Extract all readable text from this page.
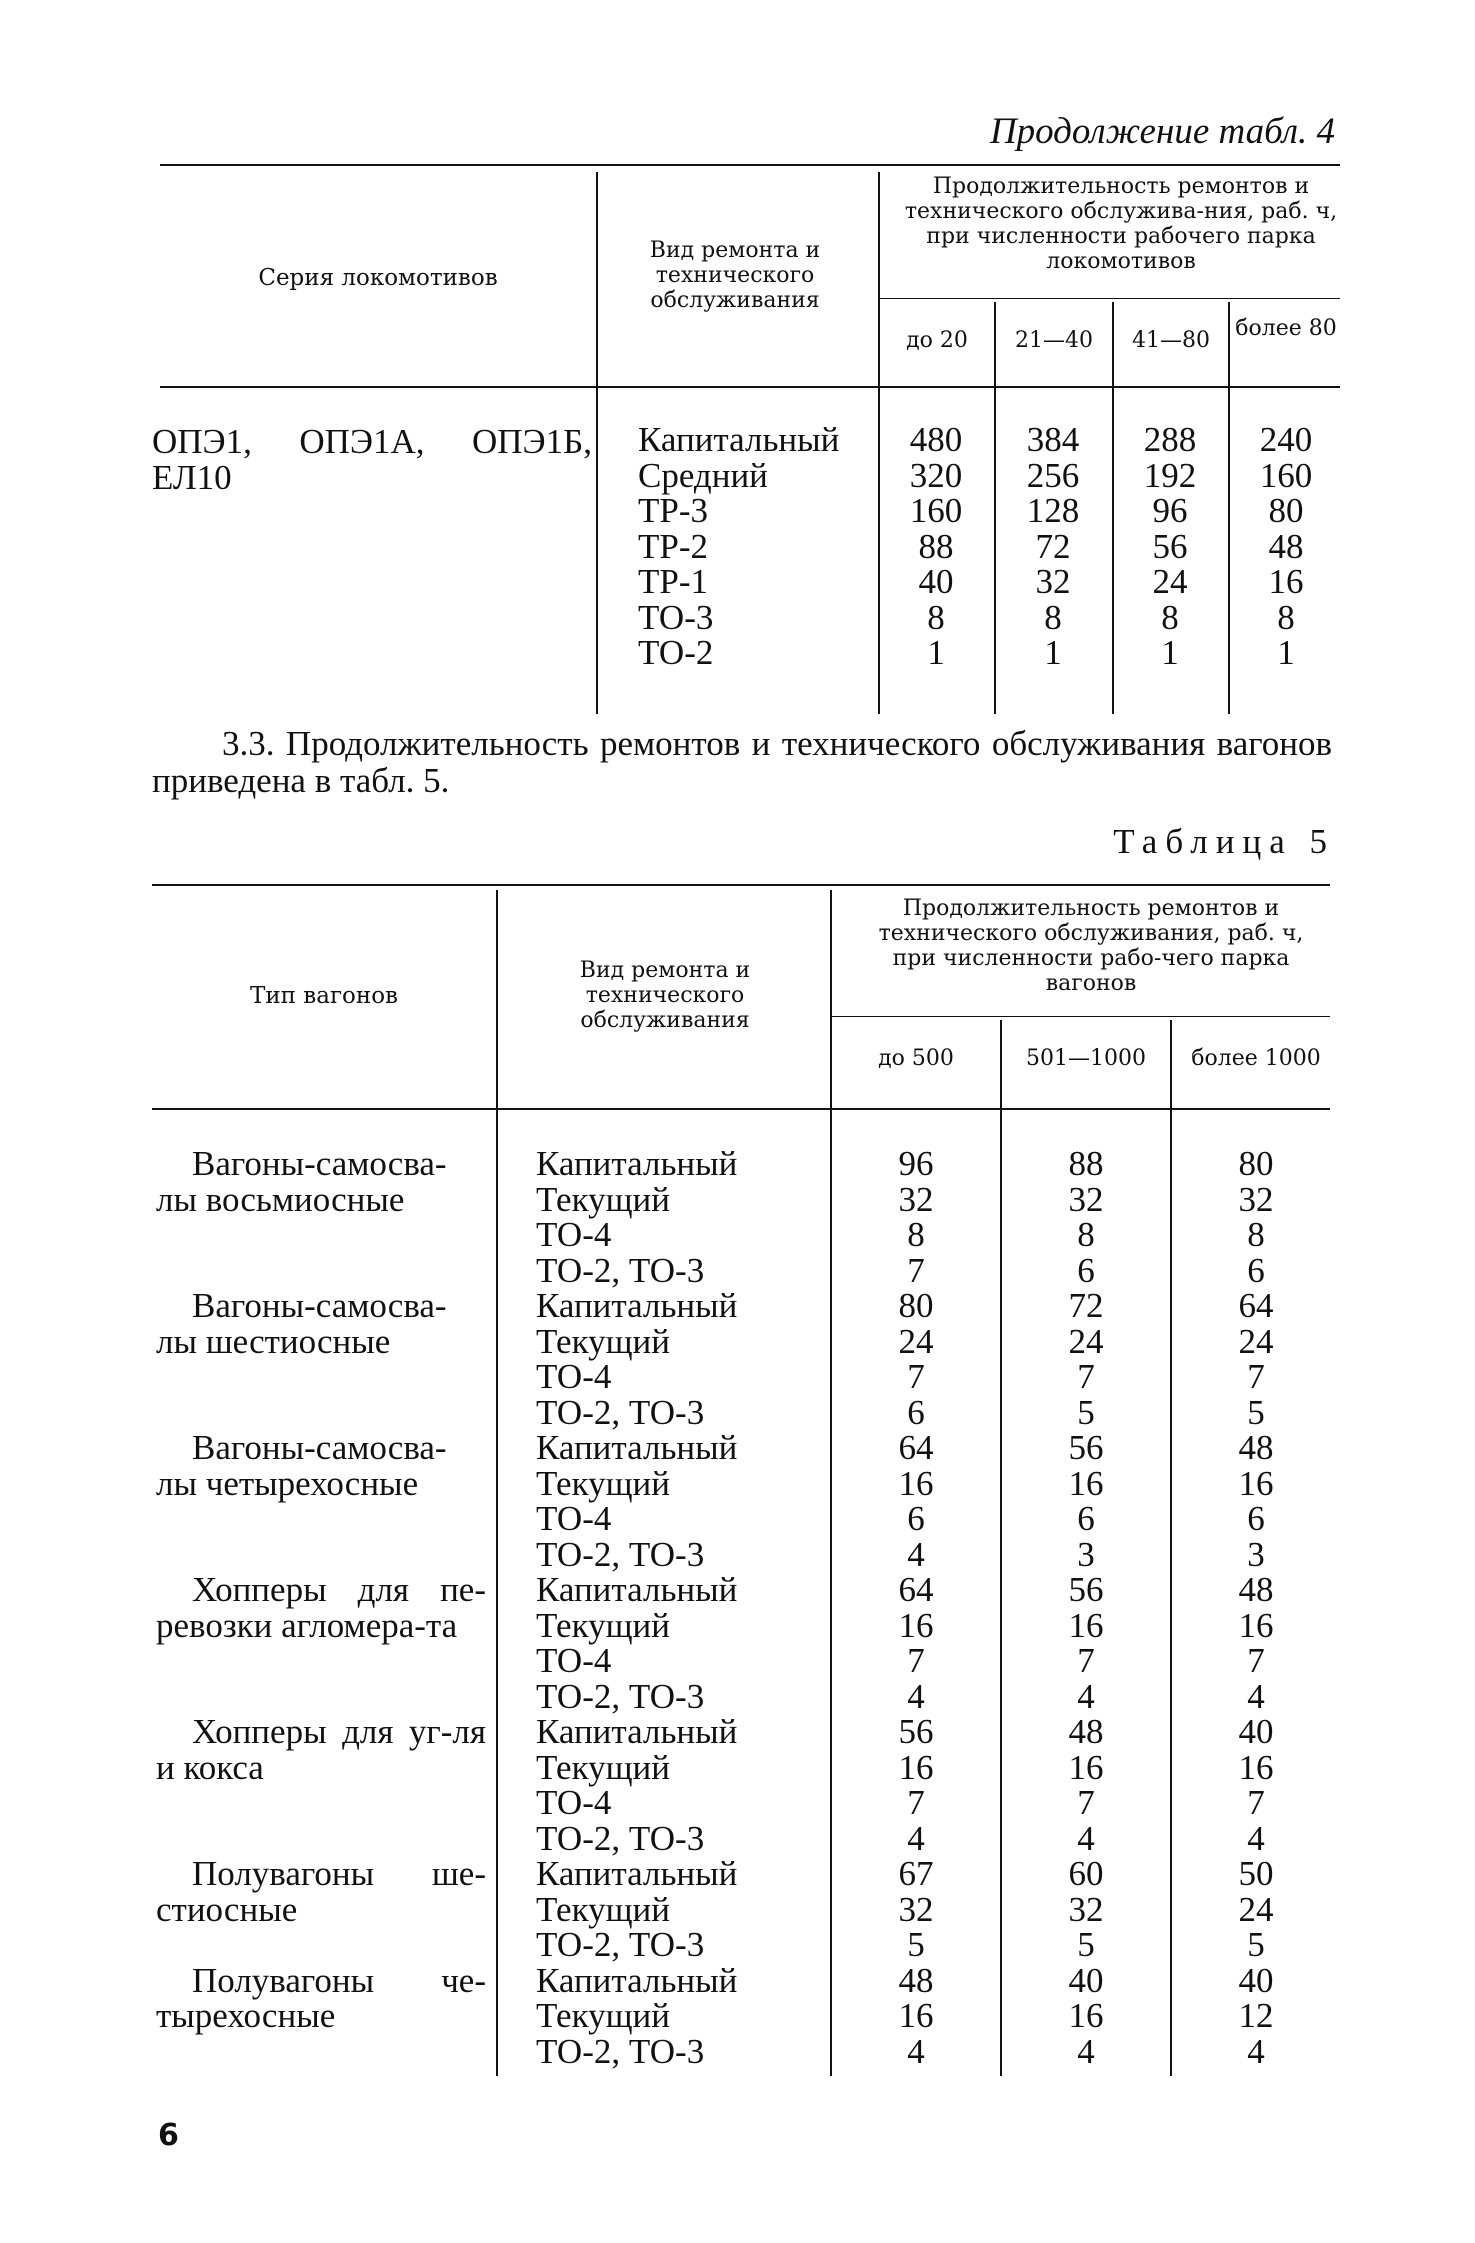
Продолжение табл. 4
Серия локомотивов
Вид ремонта и технического обслуживания
Продолжительность ремонтов и технического обслужива-ния, раб. ч, при численности рабочего парка локомотивов
до 20	21—40	41—80	более 80
ОПЭ1, ОПЭ1А, ОПЭ1Б, ЕЛ10
Капитальный	480	384	288	240
Средний	320	256	192	160
ТР-3	160	128	96	80
ТР-2	88	72	56	48
ТР-1	40	32	24	16
ТО-3	8	8	8	8
ТО-2	1	1	1	1
3.3. Продолжительность ремонтов и технического обслуживания вагонов приведена в табл. 5.
Таблица 5
Тип вагонов
Вид ремонта и технического обслуживания
Продолжительность ремонтов и технического обслуживания, раб. ч, при численности рабо-чего парка вагонов
до 500	501—1000	более 1000
Вагоны-самосва-лы восьмиосные
Капитальный	96	88	80
Текущий	32	32	32
ТО-4	8	8	8
ТО-2, ТО-3	7	6	6
Вагоны-самосва-лы шестиосные
Капитальный	80	72	64
Текущий	24	24	24
ТО-4	7	7	7
ТО-2, ТО-3	6	5	5
Вагоны-самосва-лы четырехосные
Капитальный	64	56	48
Текущий	16	16	16
ТО-4	6	6	6
ТО-2, ТО-3	4	3	3
Хопперы для пе-ревозки агломера-та
Капитальный	64	56	48
Текущий	16	16	16
ТО-4	7	7	7
ТО-2, ТО-3	4	4	4
Хопперы для уг-ля и кокса
Капитальный	56	48	40
Текущий	16	16	16
ТО-4	7	7	7
ТО-2, ТО-3	4	4	4
Полувагоны ше-стиосные
Капитальный	67	60	50
Текущий	32	32	24
ТО-2, ТО-3	5	5	5
Полувагоны че-тырехосные
Капитальный	48	40	40
Текущий	16	16	12
ТО-2, ТО-3	4	4	4
6
